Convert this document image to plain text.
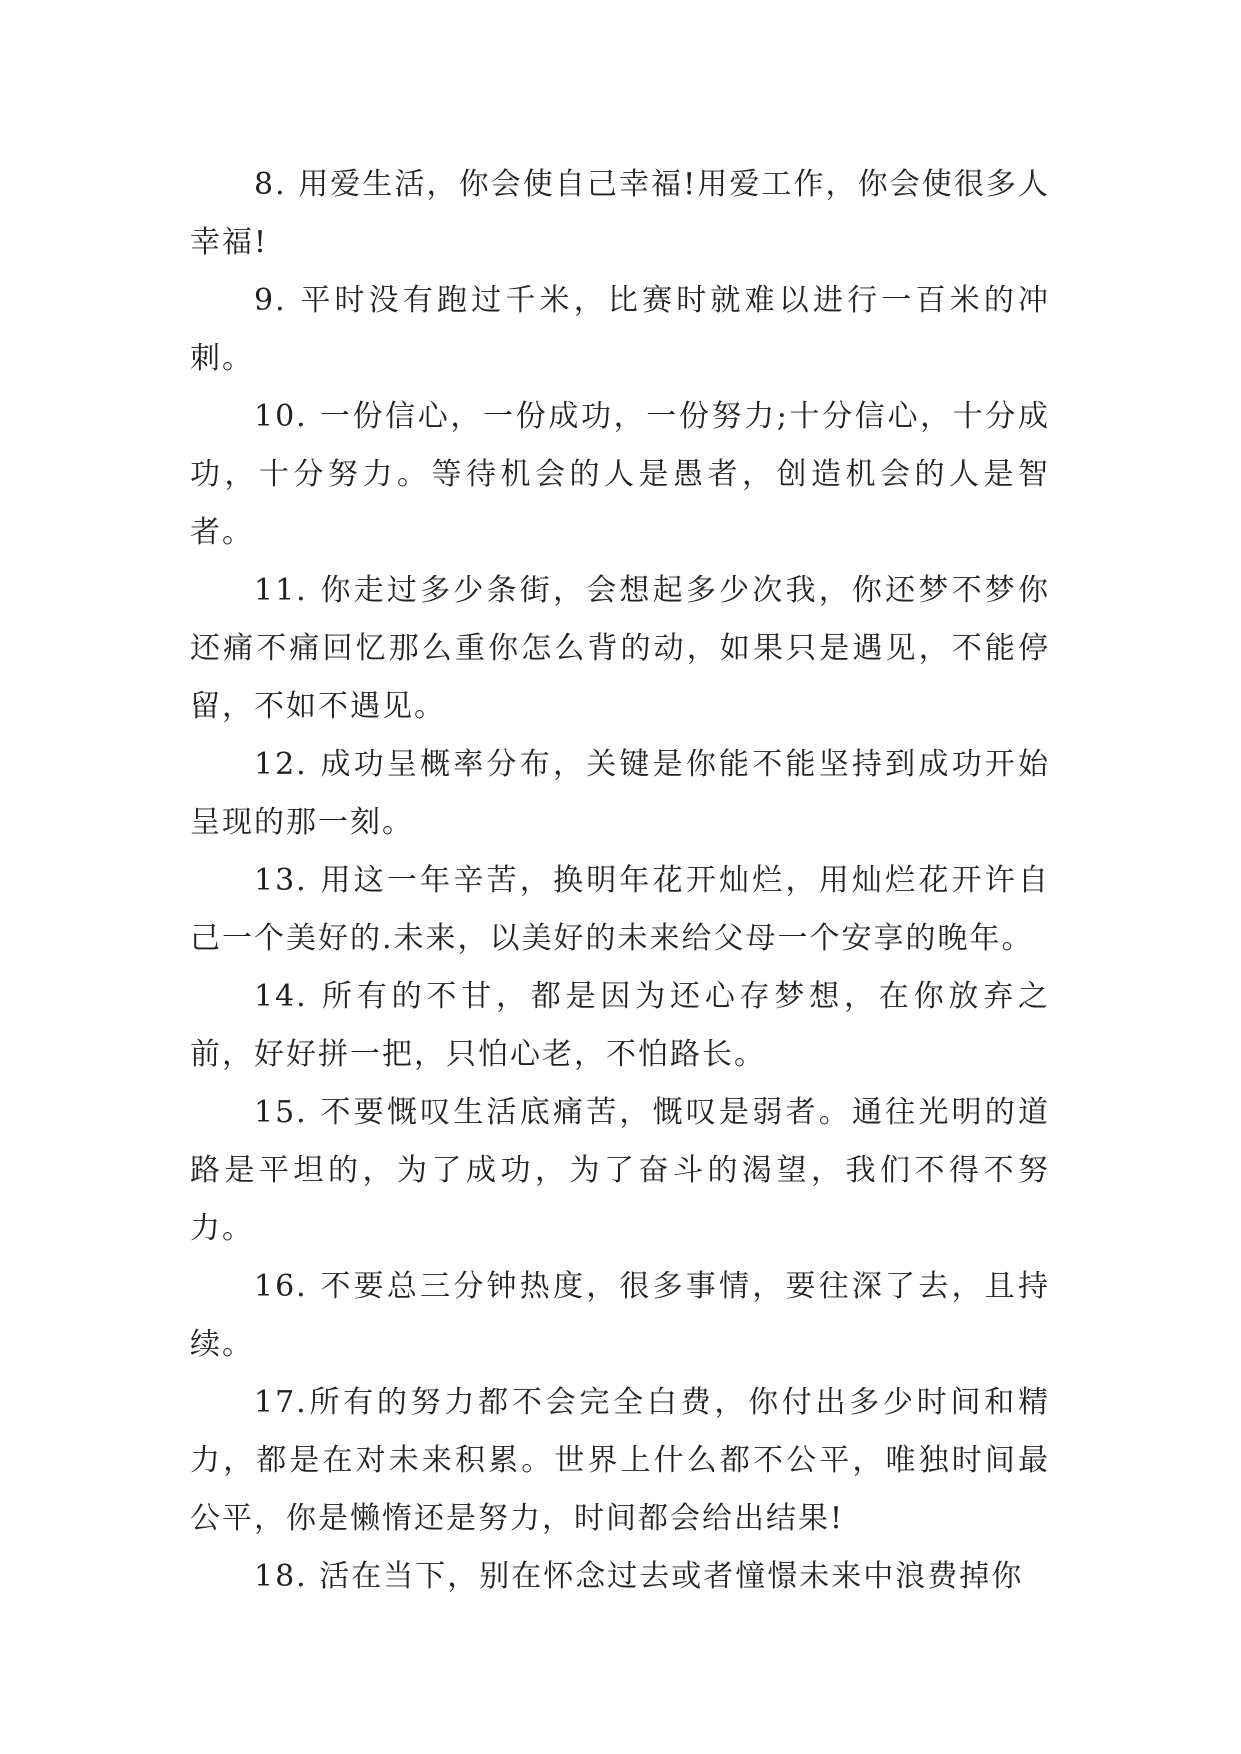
8. 用爱生活，你会使自己幸福!用爱工作，你会使很多人幸福!

9. 平时没有跑过千米，比赛时就难以进行一百米的冲刺。

10. 一份信心，一份成功，一份努力;十分信心，十分成功，十分努力。等待机会的人是愚者，创造机会的人是智者。

11. 你走过多少条街，会想起多少次我，你还梦不梦你还痛不痛回忆那么重你怎么背的动，如果只是遇见，不能停留，不如不遇见。

12. 成功呈概率分布，关键是你能不能坚持到成功开始呈现的那一刻。

13. 用这一年辛苦，换明年花开灿烂，用灿烂花开许自己一个美好的.未来，以美好的未来给父母一个安享的晚年。

14. 所有的不甘，都是因为还心存梦想，在你放弃之前，好好拼一把，只怕心老，不怕路长。

15. 不要慨叹生活底痛苦，慨叹是弱者。通往光明的道路是平坦的，为了成功，为了奋斗的渴望，我们不得不努力。

16. 不要总三分钟热度，很多事情，要往深了去，且持续。

17.所有的努力都不会完全白费，你付出多少时间和精力，都是在对未来积累。世界上什么都不公平，唯独时间最公平，你是懒惰还是努力，时间都会给出结果!

18. 活在当下，别在怀念过去或者憧憬未来中浪费掉你
